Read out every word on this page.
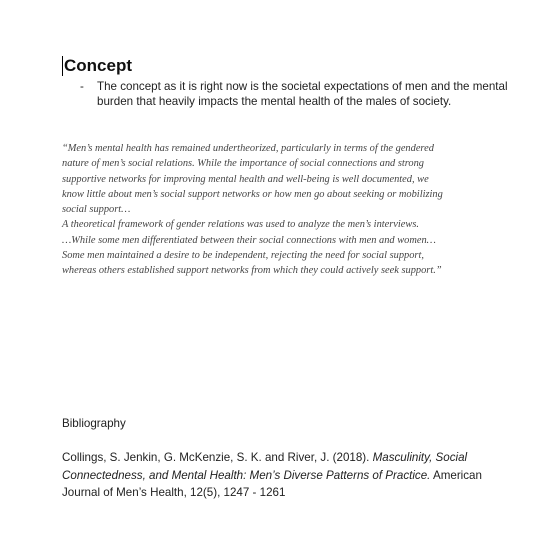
Concept
-	The concept as it is right now is the societal expectations of men and the mental burden that heavily impacts the mental health of the males of society.

“Men’s mental health has remained undertheorized, particularly in terms of the gendered

nature of men’s social relations. While the importance of social connections and strong

supportive networks for improving mental health and well-being is well documented, we

know little about men’s social support networks or how men go about seeking or mobilizing

social support…

A theoretical framework of gender relations was used to analyze the men’s interviews.

…While some men differentiated between their social connections with men and women…

Some men maintained a desire to be independent, rejecting the need for social support,

whereas others established support networks from which they could actively seek support.”

Bibliography
Collings, S. Jenkin, G. McKenzie, S. K. and River, J. (2018). Masculinity, Social Connectedness, and Mental Health: Men’s Diverse Patterns of Practice. American Journal of Men’s Health, 12(5), 1247 - 1261
